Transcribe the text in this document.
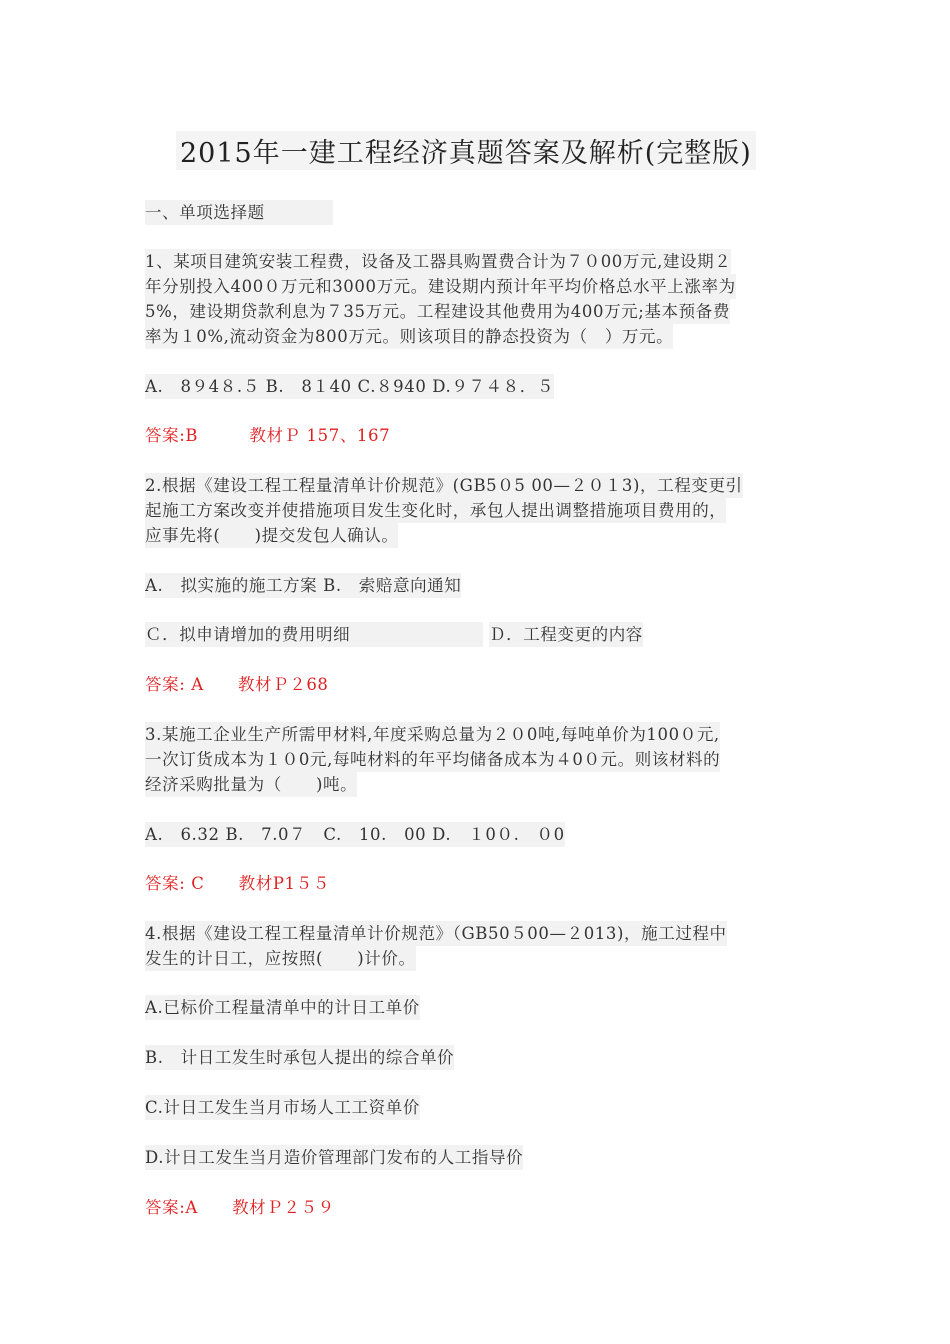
2015年一建工程经济真题答案及解析(完整版)
一、单项选择题
1、某项目建筑安装工程费，设备及工器具购置费合计为７０00万元,建设期２
年分别投入400０万元和3000万元。建设期内预计年平均价格总水平上涨率为
5%，建设期贷款利息为７35万元。工程建设其他费用为400万元;基本预备费
率为１0%,流动资金为800万元。则该项目的静态投资为（　）万元。
A.　8９4８.５ B.　8１40 C.８940 D.９７４８．５
答案:B　　　教材Ｐ 157、167
2.根据《建设工程工程量清单计价规范》(GB5０5 00—２０１3)，工程变更引
起施工方案改变并使措施项目发生变化时，承包人提出调整措施项目费用的，
应事先将(　　)提交发包人确认。
A.　拟实施的施工方案 B.　索赔意向通知
Ｃ．拟申请增加的费用明细	Ｄ．工程变更的内容
答案: A　　教材Ｐ２68
3.某施工企业生产所需甲材料,年度采购总量为２０0吨,每吨单价为100０元,
一次订货成本为１０0元,每吨材料的年平均储备成本为４0０元。则该材料的
经济采购批量为（　　)吨。
A.　6.32 B.　7.0７　C.　10.　00 D.　１0０.　０0
答案: C　　教材P1５５
4.根据《建设工程工程量清单计价规范》（GB50５00—２013)，施工过程中
发生的计日工，应按照(　　)计价。
A.已标价工程量清单中的计日工单价
B.　计日工发生时承包人提出的综合单价
C.计日工发生当月市场人工工资单价
D.计日工发生当月造价管理部门发布的人工指导价
答案:A　　教材Ｐ２５９
